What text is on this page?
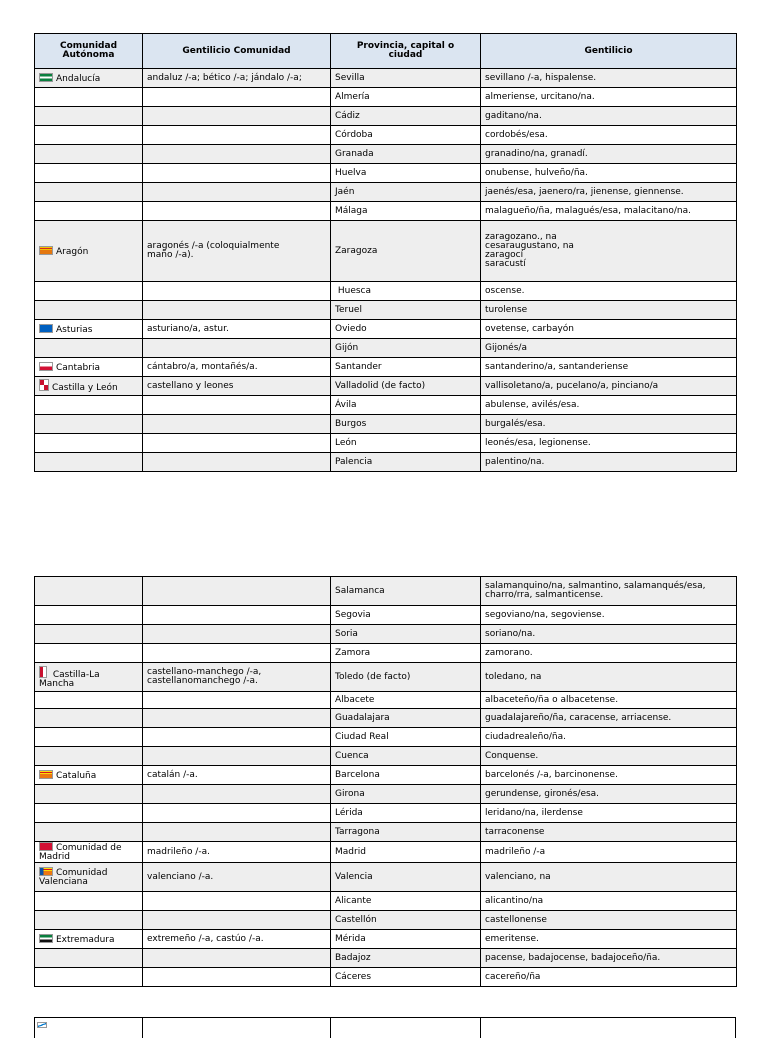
Comunidad
Autónoma	Gentilicio Comunidad	Provincia, capital o
ciudad	Gentilicio
Andalucía	andaluz /-a; bético /-a; jándalo /-a;	Sevilla	sevillano /-a, hispalense.

		Almería	almeriense, urcitano/na.

		Cádiz	gaditano/na.

		Córdoba	cordobés/esa.

		Granada	granadino/na, granadí.

		Huelva	onubense, hulveño/ña.

		Jaén	jaenés/esa, jaenero/ra, jienense, giennense.

		Málaga	malagueño/ña, malagués/esa, malacitano/na.

Aragón	aragonés /-a (coloquialmente
maño /-a).	Zaragoza	zaragozano., na
cesaraugustano, na
zaragocí
saracustí

		Huesca	oscense.

		Teruel	turolense

Asturias	asturiano/a, astur.	Oviedo	ovetense, carbayón

		Gijón	Gijonés/a

Cantabria	cántabro/a, montañés/a.	Santander	santanderino/a, santanderiense

Castilla y León	castellano y leones	Valladolid (de facto)	vallisoletano/a, pucelano/a, pinciano/a

		Ávila	abulense, avilés/esa.

		Burgos	burgalés/esa.

		León	leonés/esa, legionense.

		Palencia	palentino/na.
		Salamanca	salamanquino/na, salmantino, salamanqués/esa,
charro/rra, salmanticense.

		Segovia	segoviano/na, segoviense.

		Soria	soriano/na.

		Zamora	zamorano.

Castilla-La
Mancha	castellano-manchego /-a,
castellanomanchego /-a.	Toledo (de facto)	toledano, na

		Albacete	albaceteño/ña o albacetense.

		Guadalajara	guadalajareño/ña, caracense, arriacense.

		Ciudad Real	ciudadrealeño/ña.

		Cuenca	Conquense.

Cataluña	catalán /-a.	Barcelona	barcelonés /-a, barcinonense.

		Girona	gerundense, gironés/esa.

		Lérida	leridano/na, ilerdense

		Tarragona	tarraconense

Comunidad de
Madrid	madrileño /-a.	Madrid	madrileño /-a

Comunidad
Valenciana	valenciano /-a.	Valencia	valenciano, na

		Alicante	alicantino/na

		Castellón	castellonense

Extremadura	extremeño /-a, castúo /-a.	Mérida	emeritense.

		Badajoz	pacense, badajocense, badajoceño/ña.

		Cáceres	cacereño/ña
